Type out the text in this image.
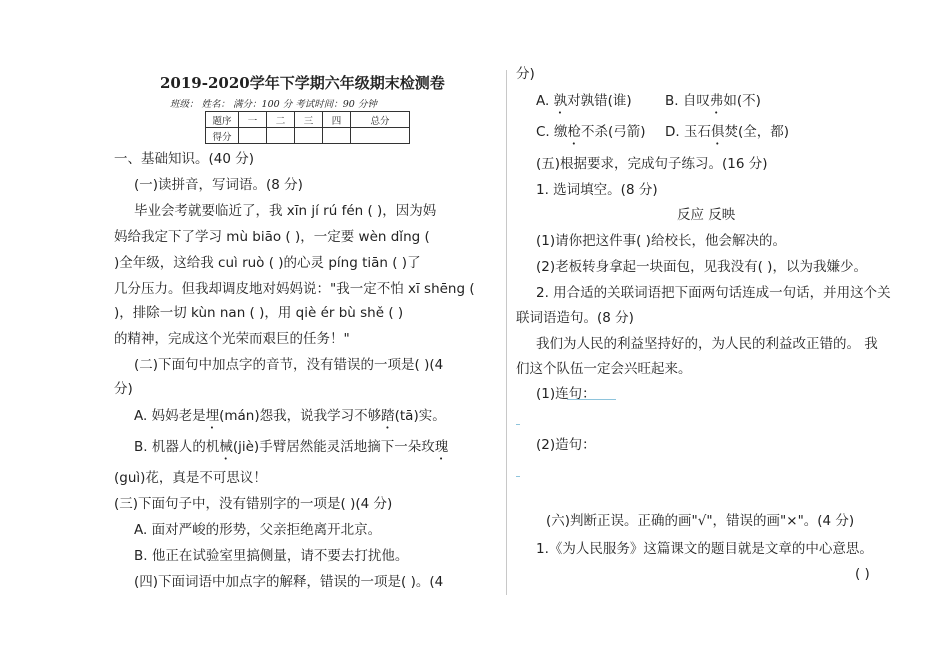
2019-2020学年下学期六年级期末检测卷
班级： 姓名： 满分：100 分 考试时间：90 分钟
题序	一	二	三	四	总分
得分					
一、基础知识。(40 分)
(一)读拼音，写词语。(8 分)
毕业会考就要临近了，我 xīn jí rú fén ( )，因为妈
妈给我定下了学习 mù biāo ( )，一定要 wèn dǐng (
)全年级，这给我 cuì ruò ( )的心灵 píng tiān ( )了
几分压力。但我却调皮地对妈妈说："我一定不怕 xī shēng (
)，排除一切 kùn nan ( )，用 qiè ér bù shě ( )
的精神，完成这个光荣而艰巨的任务！"
(二)下面句中加点字的音节，没有错误的一项是( )(4
分)
A. 妈妈老是埋(mán)怨我，说我学习不够踏(tā)实。
B. 机器人的机械(jiè)手臂居然能灵活地摘下一朵玫瑰
(guì)花，真是不可思议！
(三)下面句子中，没有错别字的一项是( )(4 分)
A. 面对严峻的形势，父亲拒绝离开北京。
B. 他正在试验室里搞侧量，请不要去打扰他。
(四)下面词语中加点字的解释，错误的一项是( )。(4
分)
A. 孰对孰错(谁) B. 自叹弗如(不)
C. 缴枪不杀(弓箭) D. 玉石俱焚(全，都)
(五)根据要求，完成句子练习。(16 分)
1. 选词填空。(8 分)
反应 反映
(1)请你把这件事( )给校长，他会解决的。
(2)老板转身拿起一块面包，见我没有( )，以为我嫌少。
2. 用合适的关联词语把下面两句话连成一句话，并用这个关
联词语造句。(8 分)
我们为人民的利益坚持好的，为人民的利益改正错的。 我
们这个队伍一定会兴旺起来。
(1)连句：
(2)造句：
(六)判断正误。正确的画"√"，错误的画"×"。(4 分)
1.《为人民服务》这篇课文的题目就是文章的中心意思。
( )
